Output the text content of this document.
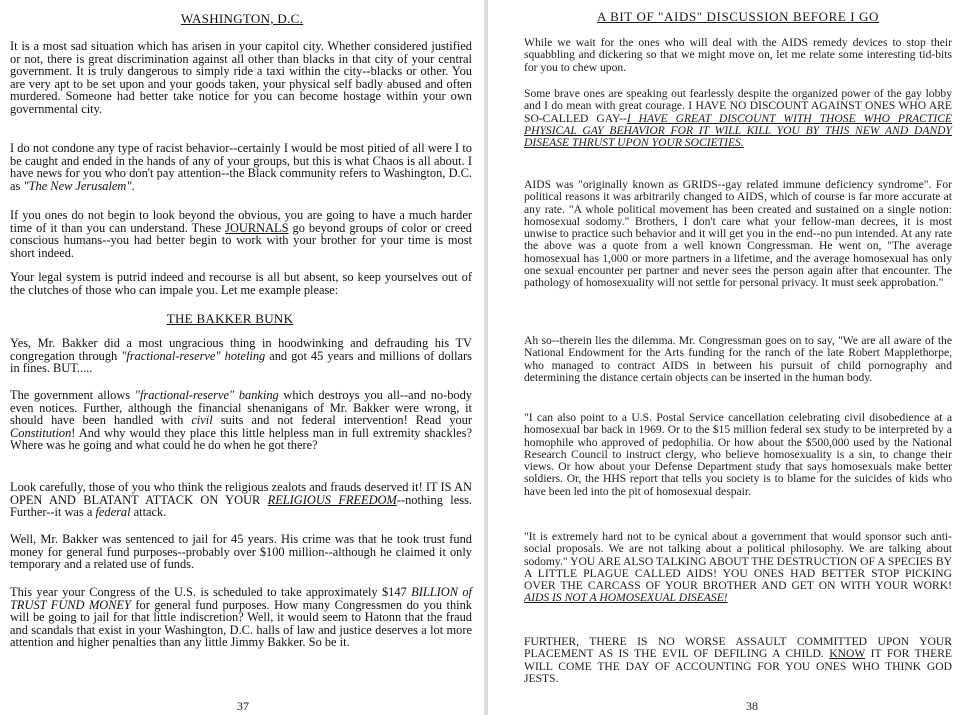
WASHINGTON, D.C.

It is a most sad situation which has arisen in your capitol city. Whether considered justified or not, there is great discrimination against all other than blacks in that city of your central government. It is truly dangerous to simply ride a taxi within the city--blacks or other. You are very apt to be set upon and your goods taken, your physical self badly abused and often murdered. Someone had better take notice for you can become hostage within your own governmental city.

I do not condone any type of racist behavior--certainly I would be most pitied of all were I to be caught and ended in the hands of any of your groups, but this is what Chaos is all about. I have news for you who don't pay attention--the Black community refers to Washington, D.C. as "The New Jerusalem".

If you ones do not begin to look beyond the obvious, you are going to have a much harder time of it than you can understand. These JOURNALS go beyond groups of color or creed conscious humans--you had better begin to work with your brother for your time is most short indeed.

Your legal system is putrid indeed and recourse is all but absent, so keep yourselves out of the clutches of those who can impale you. Let me example please:

THE BAKKER BUNK

Yes, Mr. Bakker did a most ungracious thing in hoodwinking and defrauding his TV congregation through "fractional-reserve" hoteling and got 45 years and millions of dollars in fines. BUT.....

The government allows "fractional-reserve" banking which destroys you all--and no-body even notices. Further, although the financial shenanigans of Mr. Bakker were wrong, it should have been handled with civil suits and not federal intervention! Read your Constitution! And why would they place this little helpless man in full extremity shackles? Where was he going and what could he do when he got there?

Look carefully, those of you who think the religious zealots and frauds deserved it! IT IS AN OPEN AND BLATANT ATTACK ON YOUR RELIGIOUS FREEDOM--nothing less. Further--it was a federal attack.

Well, Mr. Bakker was sentenced to jail for 45 years. His crime was that he took trust fund money for general fund purposes--probably over $100 million--although he claimed it only temporary and a related use of funds.

This year your Congress of the U.S. is scheduled to take approximately $147 BILLION of TRUST FUND MONEY for general fund purposes. How many Congressmen do you think will be going to jail for that little indiscretion? Well, it would seem to Hatonn that the fraud and scandals that exist in your Washington, D.C. halls of law and justice deserves a lot more attention and higher penalties than any little Jimmy Bakker. So be it.

37

A BIT OF "AIDS" DISCUSSION BEFORE I GO

While we wait for the ones who will deal with the AIDS remedy devices to stop their squabbling and dickering so that we might move on, let me relate some interesting tid-bits for you to chew upon.

Some brave ones are speaking out fearlessly despite the organized power of the gay lobby and I do mean with great courage. I HAVE NO DISCOUNT AGAINST ONES WHO ARE SO-CALLED GAY--I HAVE GREAT DISCOUNT WITH THOSE WHO PRACTICE PHYSICAL GAY BEHAVIOR FOR IT WILL KILL YOU BY THIS NEW AND DANDY DISEASE THRUST UPON YOUR SOCIETIES.

AIDS was "originally known as GRIDS--gay related immune deficiency syndrome". For political reasons it was arbitrarily changed to AIDS, which of course is far more accurate at any rate. "A whole political movement has been created and sustained on a single notion: homosexual sodomy." Brothers, I don't care what your fellow-man decrees, it is most unwise to practice such behavior and it will get you in the end--no pun intended. At any rate the above was a quote from a well known Congressman. He went on, "The average homosexual has 1,000 or more partners in a lifetime, and the average homosexual has only one sexual encounter per partner and never sees the person again after that encounter. The pathology of homosexuality will not settle for personal privacy. It must seek approbation."

Ah so--therein lies the dilemma. Mr. Congressman goes on to say, "We are all aware of the National Endowment for the Arts funding for the ranch of the late Robert Mapplethorpe, who managed to contract AIDS in between his pursuit of child pornography and determining the distance certain objects can be inserted in the human body.

"I can also point to a U.S. Postal Service cancellation celebrating civil disobedience at a homosexual bar back in 1969. Or to the $15 million federal sex study to be interpreted by a homophile who approved of pedophilia. Or how about the $500,000 used by the National Research Council to instruct clergy, who believe homosexuality is a sin, to change their views. Or how about your Defense Department study that says homosexuals make better soldiers. Or, the HHS report that tells you society is to blame for the suicides of kids who have been led into the pit of homosexual despair.

"It is extremely hard not to be cynical about a government that would sponsor such anti-social proposals. We are not talking about a political philosophy. We are talking about sodomy." YOU ARE ALSO TALKING ABOUT THE DESTRUCTION OF A SPECIES BY A LITTLE PLAGUE CALLED AIDS! YOU ONES HAD BETTER STOP PICKING OVER THE CARCASS OF YOUR BROTHER AND GET ON WITH YOUR WORK! AIDS IS NOT A HOMOSEXUAL DISEASE!

FURTHER, THERE IS NO WORSE ASSAULT COMMITTED UPON YOUR PLACEMENT AS IS THE EVIL OF DEFILING A CHILD. KNOW IT FOR THERE WILL COME THE DAY OF ACCOUNTING FOR YOU ONES WHO THINK GOD JESTS.

38
